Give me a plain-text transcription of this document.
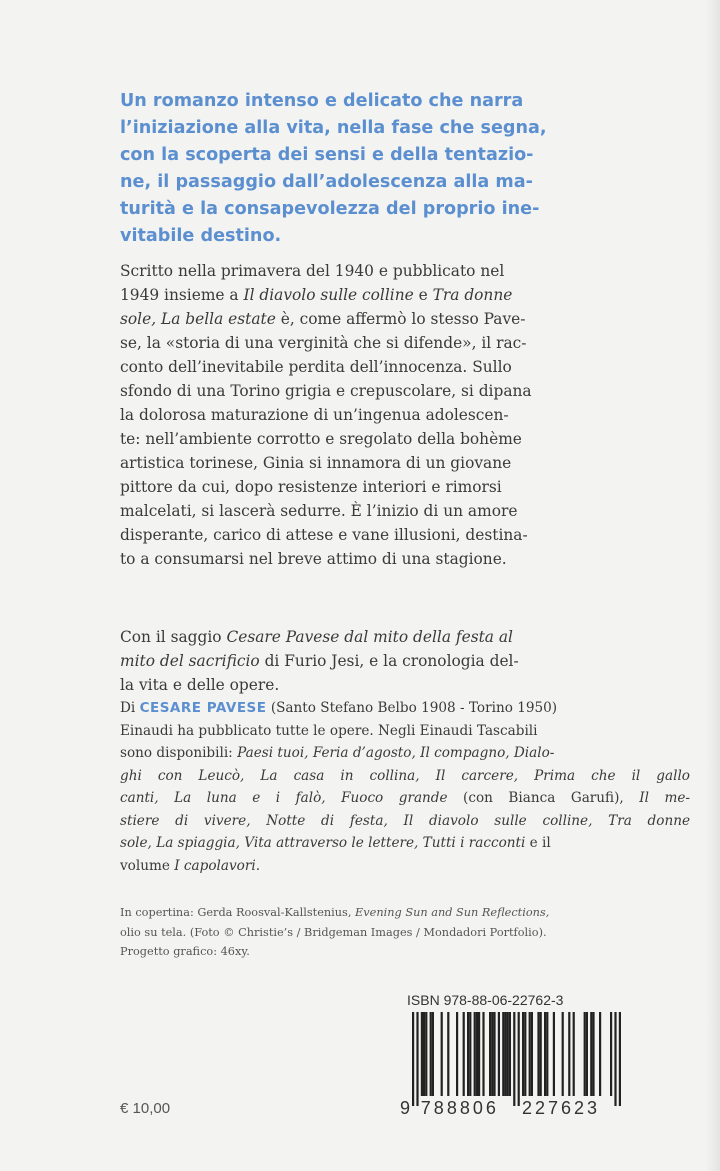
Un romanzo intenso e delicato che narra
l’iniziazione alla vita, nella fase che segna,
con la scoperta dei sensi e della tentazio-
ne, il passaggio dall’adolescenza alla ma-
turità e la consapevolezza del proprio ine-
vitabile destino.
Scritto nella primavera del 1940 e pubblicato nel
1949 insieme a Il diavolo sulle colline e Tra donne
sole, La bella estate è, come affermò lo stesso Pave-
se, la «storia di una verginità che si difende», il rac-
conto dell’inevitabile perdita dell’innocenza. Sullo
sfondo di una Torino grigia e crepuscolare, si dipana
la dolorosa maturazione di un’ingenua adolescen-
te: nell’ambiente corrotto e sregolato della bohème
artistica torinese, Ginia si innamora di un giovane
pittore da cui, dopo resistenze interiori e rimorsi
malcelati, si lascerà sedurre. È l’inizio di un amore
disperante, carico di attese e vane illusioni, destina-
to a consumarsi nel breve attimo di una stagione.
Con il saggio Cesare Pavese dal mito della festa al
mito del sacrificio di Furio Jesi, e la cronologia del-
la vita e delle opere.
Di CESARE PAVESE (Santo Stefano Belbo 1908 - Torino 1950)
Einaudi ha pubblicato tutte le opere. Negli Einaudi Tascabili
sono disponibili: Paesi tuoi, Feria d’agosto, Il compagno, Dialo-
ghi con Leucò, La casa in collina, Il carcere, Prima che il gallo
canti, La luna e i falò, Fuoco grande (con Bianca Garufi), Il me-
stiere di vivere, Notte di festa, Il diavolo sulle colline, Tra donne
sole, La spiaggia, Vita attraverso le lettere, Tutti i racconti e il
volume I capolavori.
In copertina: Gerda Roosval-Kallstenius, Evening Sun and Sun Reflections,
olio su tela. (Foto © Christie’s / Bridgeman Images / Mondadori Portfolio).
Progetto grafico: 46xy.
ISBN 978-88-06-22762-3
9 788806 227623
€ 10,00
